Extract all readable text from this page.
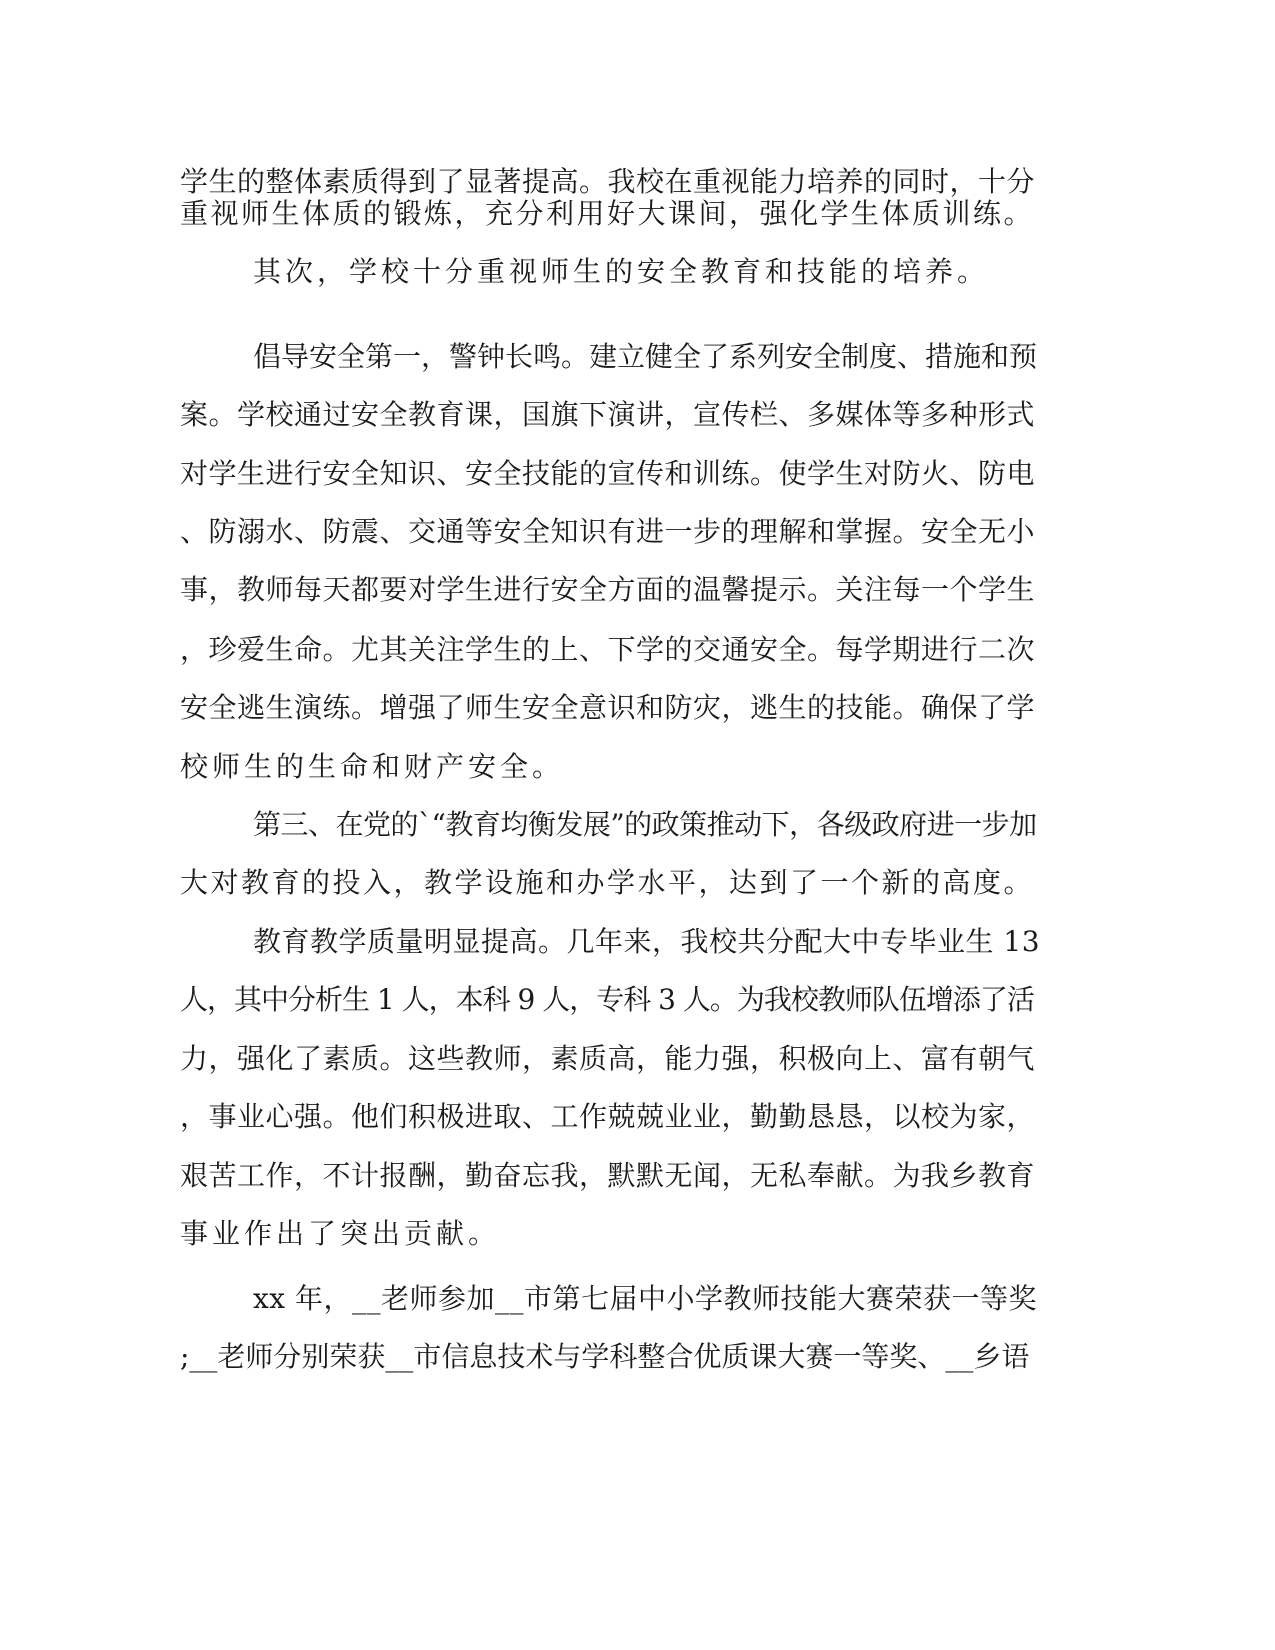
学生的整体素质得到了显著提高。我校在重视能力培养的同时，十分
重视师生体质的锻炼，充分利用好大课间，强化学生体质训练。
其次，学校十分重视师生的安全教育和技能的培养。
倡导安全第一，警钟长鸣。建立健全了系列安全制度、措施和预
案。学校通过安全教育课，国旗下演讲，宣传栏、多媒体等多种形式
对学生进行安全知识、安全技能的宣传和训练。使学生对防火、防电
、防溺水、防震、交通等安全知识有进一步的理解和掌握。安全无小
事，教师每天都要对学生进行安全方面的温馨提示。关注每一个学生
，珍爱生命。尤其关注学生的上、下学的交通安全。每学期进行二次
安全逃生演练。增强了师生安全意识和防灾，逃生的技能。确保了学
校师生的生命和财产安全。
第三、在党的`“教育均衡发展”的政策推动下，各级政府进一步加
大对教育的投入，教学设施和办学水平，达到了一个新的高度。
教育教学质量明显提高。几年来，我校共分配大中专毕业生 13
人，其中分析生 1 人，本科 9 人，专科 3 人。为我校教师队伍增添了活
力，强化了素质。这些教师，素质高，能力强，积极向上、富有朝气
，事业心强。他们积极进取、工作兢兢业业，勤勤恳恳，以校为家，
艰苦工作，不计报酬，勤奋忘我，默默无闻，无私奉献。为我乡教育
事业作出了突出贡献。
xx 年，__老师参加__市第七届中小学教师技能大赛荣获一等奖
;__老师分别荣获__市信息技术与学科整合优质课大赛一等奖、__乡语
